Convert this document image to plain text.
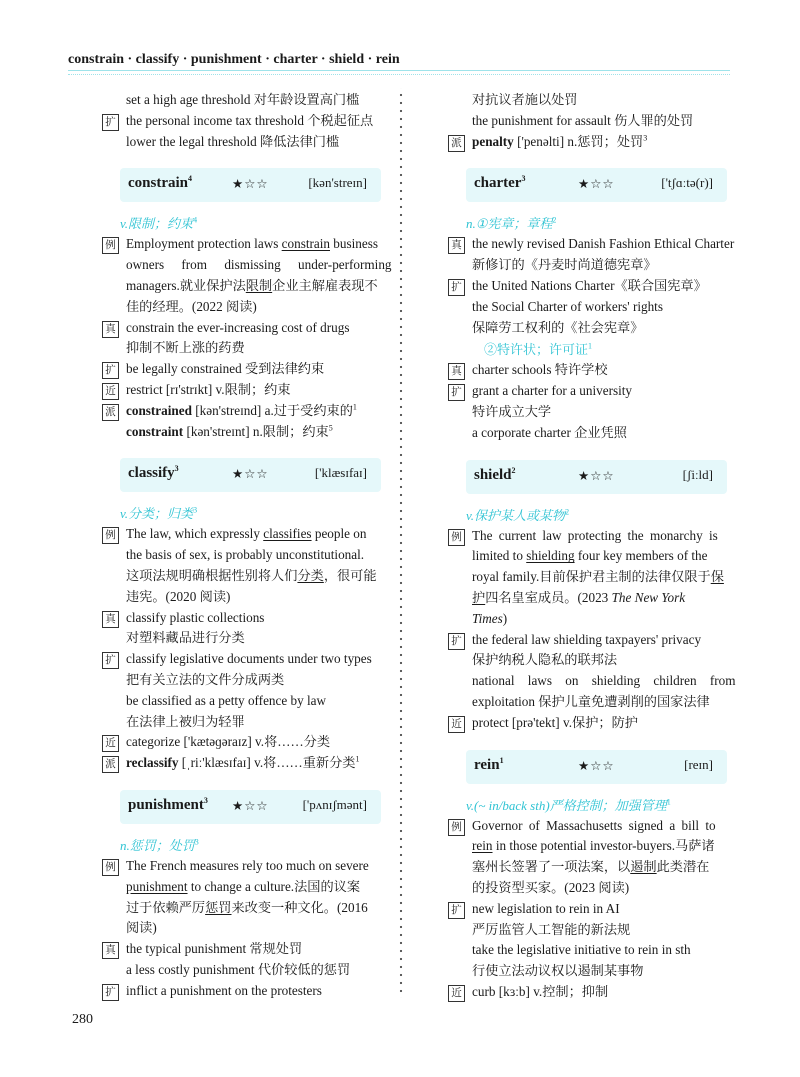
constrain · classify · punishment · charter · shield · rein
set a high age threshold 对年龄设置高门槛
扩 the personal income tax threshold 个税起征点
lower the legal threshold 降低法律门槛
constrain$^4$	★☆☆	[kən'streɪn]
v.限制；约束$^4$
例 Employment protection laws constrain business
owners from dismissing under-performing
managers.就业保护法限制企业主解雇表现不
佳的经理。(2022 阅读)
真 constrain the ever-increasing cost of drugs
抑制不断上涨的药费
扩 be legally constrained 受到法律约束
近 restrict [rɪ'strɪkt] v.限制；约束
派 constrained [kən'streɪnd] a.过于受约束的$^1$
constraint [kən'streɪnt] n.限制；约束$^5$
classify$^3$	★☆☆	['klæsɪfaɪ]
v.分类；归类$^3$
例 The law, which expressly classifies people on
the basis of sex, is probably unconstitutional.
这项法规明确根据性别将人们分类，很可能
违宪。(2020 阅读)
真 classify plastic collections
对塑料藏品进行分类
扩 classify legislative documents under two types
把有关立法的文件分成两类
be classified as a petty offence by law
在法律上被归为轻罪
近 categorize ['kætəɡəraɪz] v.将……分类
派 reclassify [ˌriː'klæsɪfaɪ] v.将……重新分类$^1$
punishment$^3$ ★☆☆	['pʌnɪʃmənt]
n.惩罚；处罚$^3$
例 The French measures rely too much on severe
punishment to change a culture.法国的议案
过于依赖严厉惩罚来改变一种文化。(2016
阅读)
真 the typical punishment 常规处罚
a less costly punishment 代价较低的惩罚
扩 inflict a punishment on the protesters
对抗议者施以处罚
the punishment for assault 伤人罪的处罚
派 penalty ['penəlti] n.惩罚；处罚$^3$
charter$^3$	★☆☆	['tʃɑːtə(r)]
n.①宪章；章程$^2$
真 the newly revised Danish Fashion Ethical Charter
新修订的《丹麦时尚道德宪章》
扩 the United Nations Charter《联合国宪章》
the Social Charter of workers' rights
保障劳工权利的《社会宪章》
②特许状；许可证$^1$
真 charter schools 特许学校
扩 grant a charter for a university
特许成立大学
a corporate charter 企业凭照
shield$^2$	★☆☆	[ʃiːld]
v.保护某人或某物$^2$
例 The current law protecting the monarchy is
limited to shielding four key members of the
royal family.目前保护君主制的法律仅限于保
护四名皇室成员。(2023 The New York
Times)
扩 the federal law shielding taxpayers' privacy
保护纳税人隐私的联邦法
national laws on shielding children from
exploitation 保护儿童免遭剥削的国家法律
近 protect [prə'tekt] v.保护；防护
rein$^1$	★☆☆	[reɪn]
v.(~ in/back sth)严格控制；加强管理$^1$
例 Governor of Massachusetts signed a bill to
rein in those potential investor-buyers.马萨诸
塞州长签署了一项法案，以遏制此类潜在
的投资型买家。(2023 阅读)
扩 new legislation to rein in AI
严厉监管人工智能的新法规
take the legislative initiative to rein in sth
行使立法动议权以遏制某事物
近 curb [kɜːb] v.控制；抑制
280
